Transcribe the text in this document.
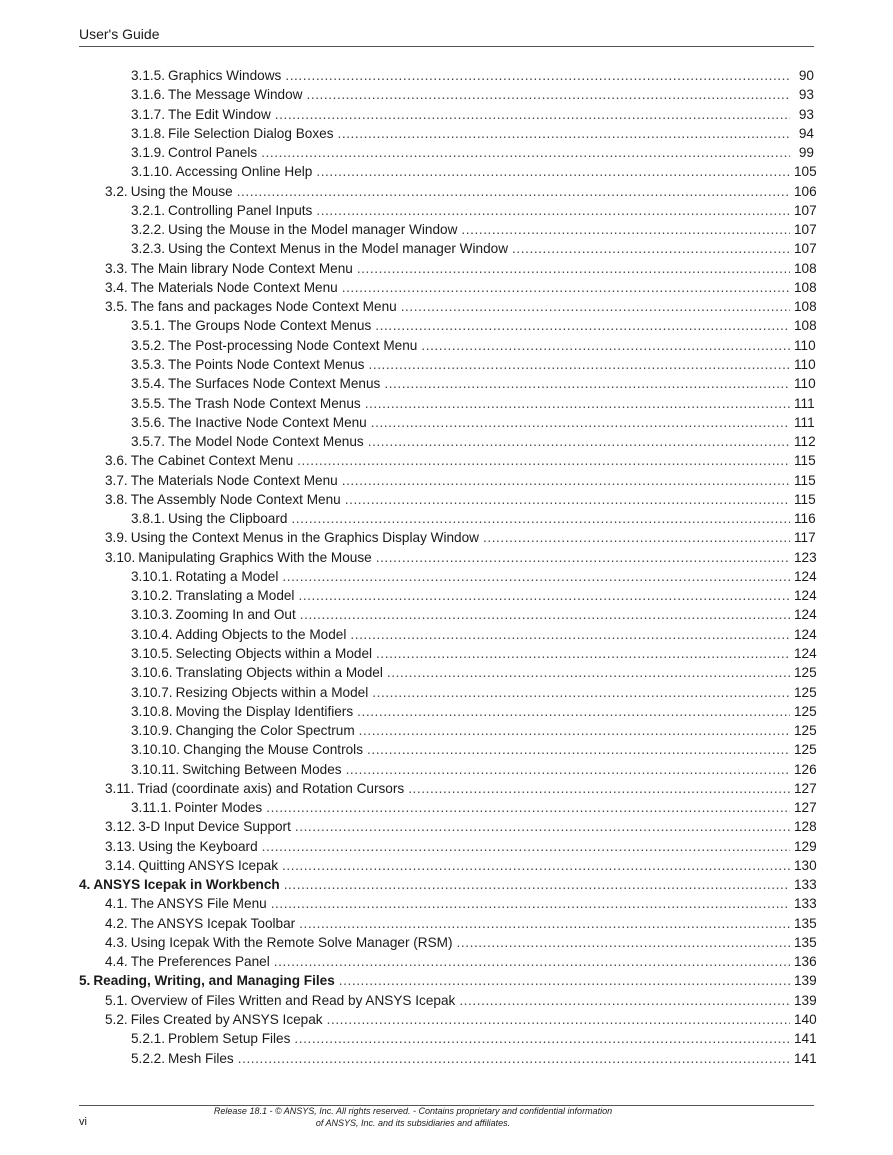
User's Guide
3.1.5. Graphics Windows . . .	90
3.1.6. The Message Window . . .	93
3.1.7. The Edit Window . . .	93
3.1.8. File Selection Dialog Boxes . . .	94
3.1.9. Control Panels . . .	99
3.1.10. Accessing Online Help . . .	105
3.2. Using the Mouse . . .	106
3.2.1. Controlling Panel Inputs . . .	107
3.2.2. Using the Mouse in the Model manager Window . . .	107
3.2.3. Using the Context Menus in the Model manager Window . . .	107
3.3. The Main library Node Context Menu . . .	108
3.4. The Materials Node Context Menu . . .	108
3.5. The fans and packages Node Context Menu . . .	108
3.5.1. The Groups Node Context Menus . . .	108
3.5.2. The Post-processing Node Context Menu . . .	110
3.5.3. The Points Node Context Menus . . .	110
3.5.4. The Surfaces Node Context Menus . . .	110
3.5.5. The Trash Node Context Menus . . .	111
3.5.6. The Inactive Node Context Menu . . .	111
3.5.7. The Model Node Context Menus . . .	112
3.6. The Cabinet Context Menu . . .	115
3.7. The Materials Node Context Menu . . .	115
3.8. The Assembly Node Context Menu . . .	115
3.8.1. Using the Clipboard . . .	116
3.9. Using the Context Menus in the Graphics Display Window . . .	117
3.10. Manipulating Graphics With the Mouse . . .	123
3.10.1. Rotating a Model . . .	124
3.10.2. Translating a Model . . .	124
3.10.3. Zooming In and Out . . .	124
3.10.4. Adding Objects to the Model . . .	124
3.10.5. Selecting Objects within a Model . . .	124
3.10.6. Translating Objects within a Model . . .	125
3.10.7. Resizing Objects within a Model . . .	125
3.10.8. Moving the Display Identifiers . . .	125
3.10.9. Changing the Color Spectrum . . .	125
3.10.10. Changing the Mouse Controls . . .	125
3.10.11. Switching Between Modes . . .	126
3.11. Triad (coordinate axis) and Rotation Cursors . . .	127
3.11.1. Pointer Modes . . .	127
3.12. 3-D Input Device Support . . .	128
3.13. Using the Keyboard . . .	129
3.14. Quitting ANSYS Icepak . . .	130
4. ANSYS Icepak in Workbench . . .	133
4.1. The ANSYS File Menu . . .	133
4.2. The ANSYS Icepak Toolbar . . .	135
4.3. Using Icepak With the Remote Solve Manager (RSM) . . .	135
4.4. The Preferences Panel . . .	136
5. Reading, Writing, and Managing Files . . .	139
5.1. Overview of Files Written and Read by ANSYS Icepak . . .	139
5.2. Files Created by ANSYS Icepak . . .	140
5.2.1. Problem Setup Files . . .	141
5.2.2. Mesh Files . . .	141
vi
Release 18.1 - © ANSYS, Inc. All rights reserved. - Contains proprietary and confidential information
of ANSYS, Inc. and its subsidiaries and affiliates.
